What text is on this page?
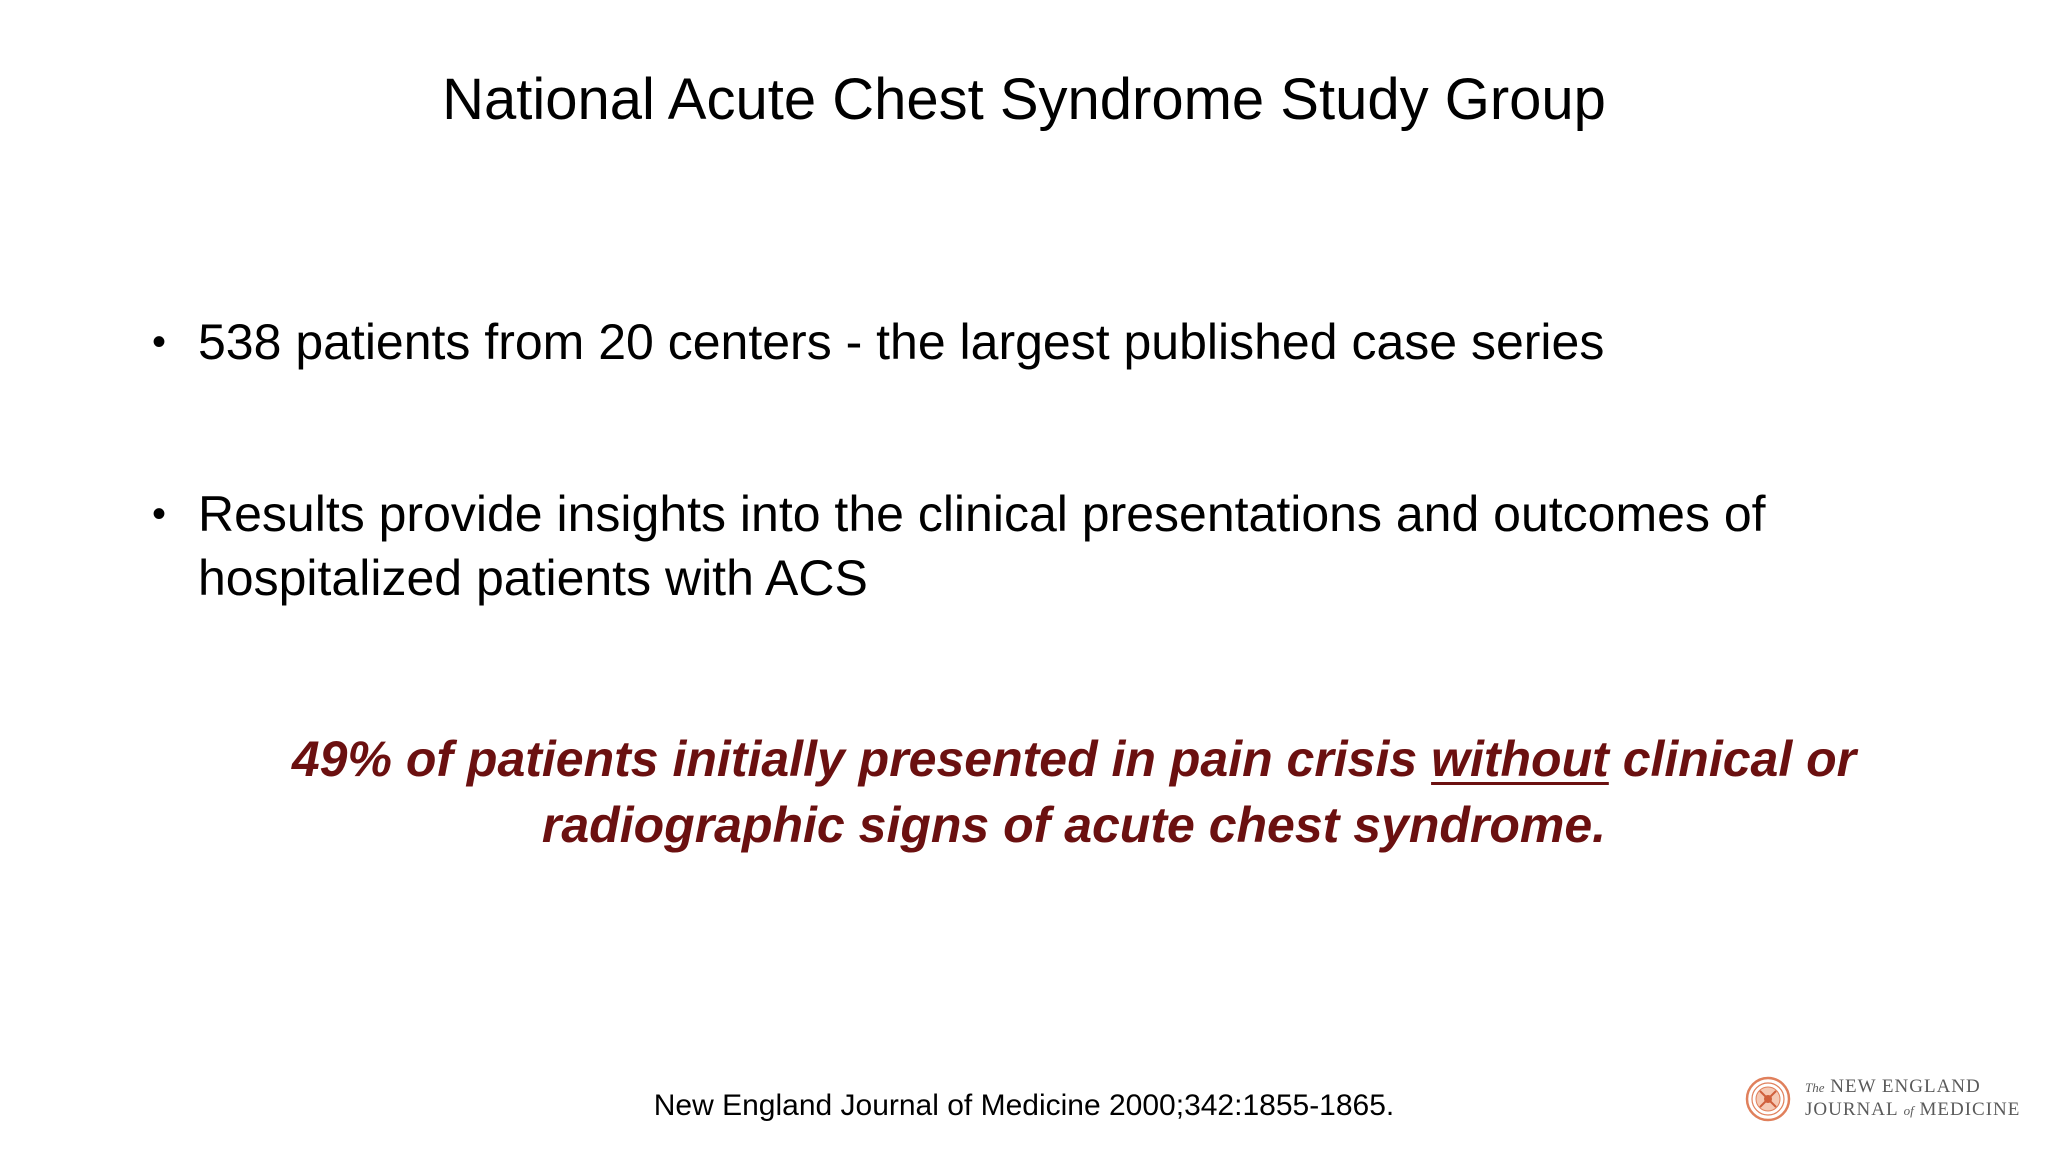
National Acute Chest Syndrome Study Group
• 538 patients from 20 centers - the largest published case series
• Results provide insights into the clinical presentations and outcomes of hospitalized patients with ACS
49% of patients initially presented in pain crisis without clinical or radiographic signs of acute chest syndrome.
New England Journal of Medicine 2000;342:1855-1865.
The NEW ENGLAND
JOURNAL of MEDICINE
